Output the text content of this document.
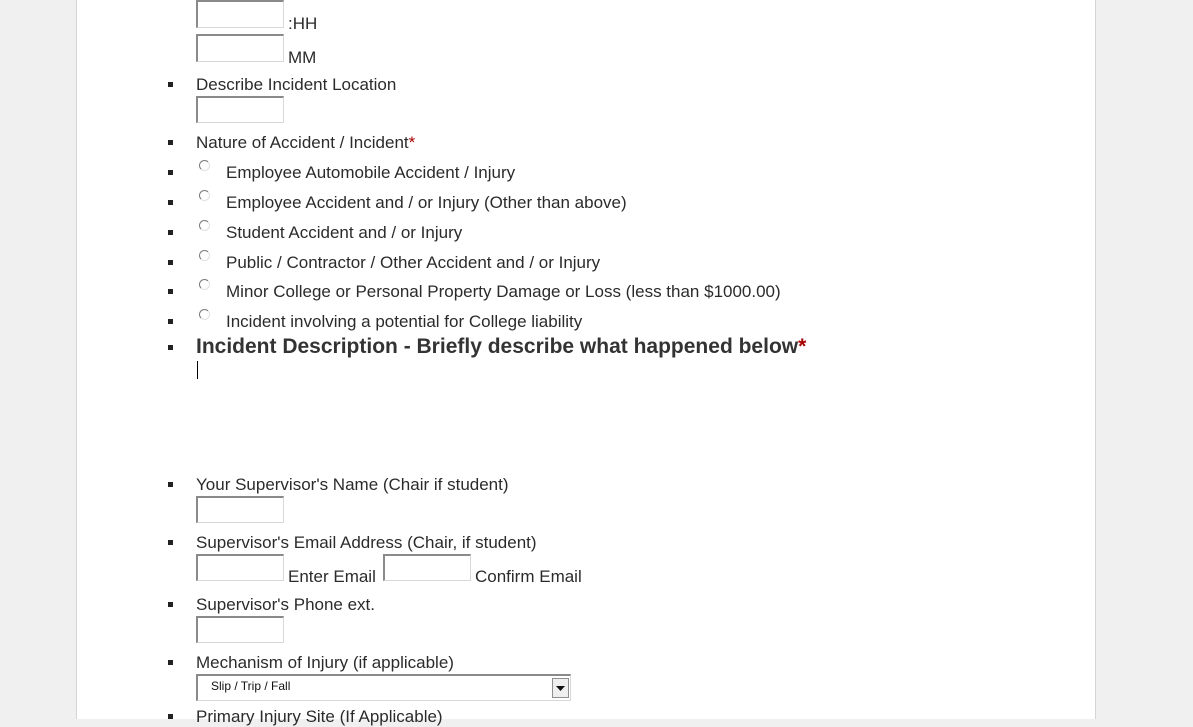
:HH
MM
Describe Incident Location
Nature of Accident / Incident*
Employee Automobile Accident / Injury
Employee Accident and / or Injury (Other than above)
Student Accident and / or Injury
Public / Contractor / Other Accident and / or Injury
Minor College or Personal Property Damage or Loss (less than $1000.00)
Incident involving a potential for College liability
Incident Description - Briefly describe what happened below*
Your Supervisor's Name (Chair if student)
Supervisor's Email Address (Chair, if student)
Enter Email	Confirm Email
Supervisor's Phone ext.
Mechanism of Injury (if applicable)
Slip / Trip / Fall
Primary Injury Site (If Applicable)
